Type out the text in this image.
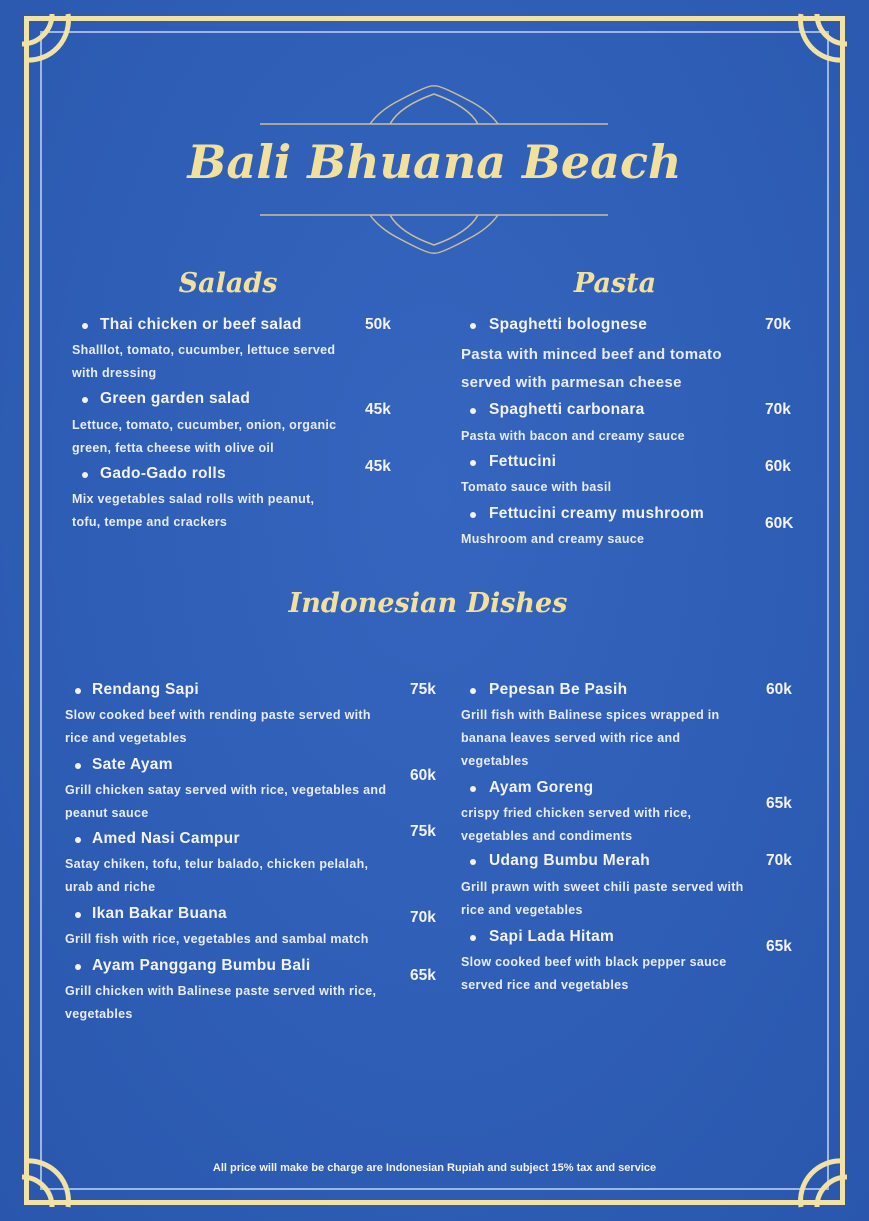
Bali Bhuana Beach
Salads	Pasta
Indonesian Dishes
Thai chicken or beef salad	50k
Shalllot, tomato, cucumber, lettuce served
with dressing
Green garden salad
45k
Lettuce, tomato, cucumber, onion, organic
green, fetta cheese with olive oil
Gado-Gado rolls	45k
Mix vegetables salad rolls with peanut,
tofu, tempe and crackers
Spaghetti bolognese	70k
Pasta with minced beef and tomato
served with parmesan cheese
Spaghetti carbonara	70k
Pasta with bacon and creamy sauce
Fettucini	60k
Tomato sauce with basil
Fettucini creamy mushroom
60K
Mushroom and creamy sauce
Rendang Sapi	75k
Slow cooked beef with rending paste served with
rice and vegetables
Sate Ayam
60k
Grill chicken satay served with rice, vegetables and
peanut sauce
Amed Nasi Campur	75k
Satay chiken, tofu, telur balado, chicken pelalah,
urab and riche
Ikan Bakar Buana	70k
Grill fish with rice, vegetables and sambal match
Ayam Panggang Bumbu Bali
65k
Grill chicken with Balinese paste served with rice,
vegetables
Pepesan Be Pasih	60k
Grill fish with Balinese spices wrapped in
banana leaves served with rice and
vegetables
Ayam Goreng
65k
crispy fried chicken served with rice,
vegetables and condiments
Udang Bumbu Merah	70k
Grill prawn with sweet chili paste served with
rice and vegetables
Sapi Lada Hitam
65k
Slow cooked beef with black pepper sauce
served rice and vegetables
All price will make be charge are Indonesian Rupiah and subject 15% tax and service
